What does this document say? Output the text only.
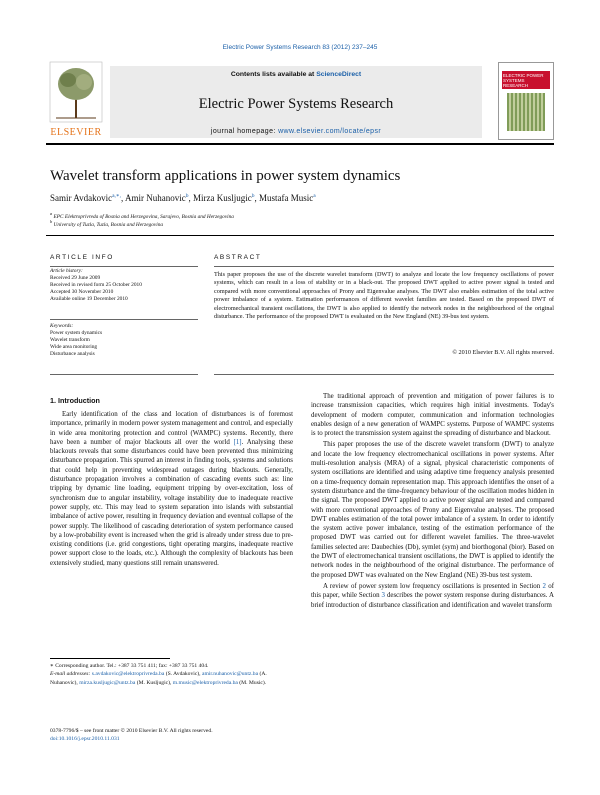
Electric Power Systems Research 83 (2012) 237–245
ELSEVIER
Contents lists available at ScienceDirect
Electric Power Systems Research
journal homepage: www.elsevier.com/locate/epsr
ELECTRIC POWER SYSTEMS RESEARCH
Wavelet transform applications in power system dynamics
Samir Avdakovic$^{a,∗,}$, Amir Nuhanovic$^b$, Mirza Kusljugic$^b$, Mustafa Music$^a$
$^a$ EPC Elektroprivreda of Bosnia and Herzegovina, Sarajevo, Bosnia and Herzegovina
$^b$ University of Tuzla, Tuzla, Bosnia and Herzegovina
ARTICLE INFO	ABSTRACT
Article history:
Received 29 June 2009
Received in revised form 25 October 2010
Accepted 30 November 2010
Available online 19 December 2010
Keywords:
Power system dynamics
Wavelet transform
Wide area monitoring
Disturbance analysis
This paper proposes the use of the discrete wavelet transform (DWT) to analyze and locate the low frequency oscillations of power systems, which can result in a loss of stability or in a black-out. The proposed DWT applied to active power signal is tested and compared with more conventional approaches of Prony and Eigenvalue analyses. The DWT also enables estimation of the total active power imbalance of a system. Estimation performances of different wavelet families are tested. Based on the proposed DWT of electromechanical transient oscillations, the DWT is also applied to identify the network nodes in the neighbourhood of the original disturbance. The performance of the proposed DWT is evaluated on the New England (NE) 39-bus test system.
© 2010 Elsevier B.V. All rights reserved.
1. Introduction

Early identification of the class and location of disturbances is of foremost importance, primarily in modern power system management and control, and especially in wide area monitoring protection and control (WAMPC) systems. Recently, there have been a number of major blackouts all over the world [1]. Analysing these blackouts reveals that some disturbances could have been prevented thus minimizing disturbance propagation. This spurred an interest in finding tools, systems and solutions that could help in preventing widespread outages during blackouts. Generally, disturbance propagation involves a combination of cascading events such as: line tripping by dynamic line loading, equipment tripping by over-excitation, loss of synchronism due to angular instability, voltage instability due to inadequate reactive power supply, etc. This may lead to system separation into islands with substantial imbalance of active power, resulting in frequency deviation and eventual collapse of the power supply. The likelihood of cascading deterioration of system performance caused by a low-probability event is increased when the grid is already under stress due to pre-existing conditions (i.e. grid congestions, tight operating margins, inadequate reactive power support close to the loads, etc.). Although the complexity of blackouts has been extensively studied, many questions still remain unanswered.

The traditional approach of prevention and mitigation of power failures is to increase transmission capacities, which requires high initial investments. Today's development of modern computer, communication and information technologies enables design of a new generation of WAMPC systems. Purpose of WAMPC systems is to protect the transmission system against the spreading of disturbance and blackout.

This paper proposes the use of the discrete wavelet transform (DWT) to analyze and locate the low frequency electromechanical oscillations in power systems. After multi-resolution analysis (MRA) of a signal, physical characteristic components of system oscillations are identified and using adaptive time frequency analysis presented on a time-frequency domain representation map. This approach identifies the onset of a system disturbance and the time-frequency behaviour of the oscillation modes hidden in the signal. The proposed DWT applied to active power signal are tested and compared with more conventional approaches of Prony and Eigenvalue analyses. The proposed DWT enables estimation of the total power imbalance of a system. In order to identify the system active power imbalance, testing of the estimation performance of the proposed DWT was carried out for different wavelet families. The three-wavelet families selected are: Daubechies (Db), symlet (sym) and biorthogonal (bior). Based on the DWT of electromechanical transient oscillations, the DWT is applied to identify the network nodes in the neighbourhood of the original disturbance. The performance of the proposed DWT was evaluated on the New England (NE) 39-bus test system.

A review of power system low frequency oscillations is presented in Section 2 of this paper, while Section 3 describes the power system response during disturbances. A brief introduction of disturbance classification and identification and wavelet transform

∗ Corresponding author. Tel.: +387 33 751 411; fax: +387 33 751 404.
E-mail addresses: s.avdakovic@elektroprivreda.ba (S. Avdakovic), amir.nuhanovic@untz.ba (A. Nuhanovic), mirza.kusljugic@untz.ba (M. Kusljugic), m.music@elektroprivreda.ba (M. Music).
0378-7796/$ – see front matter © 2010 Elsevier B.V. All rights reserved.
doi:10.1016/j.epsr.2010.11.031
